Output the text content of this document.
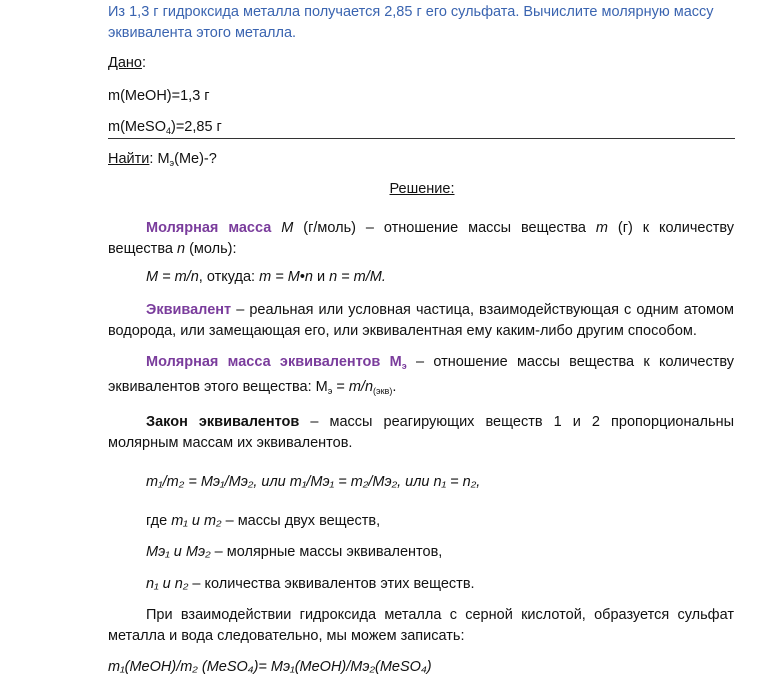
Из 1,3 г гидроксида металла получается 2,85 г его сульфата. Вычислите молярную массу эквивалента этого металла.
Дано:
m(MeOH)=1,3 г
m(MeSO$_4$)=2,85 г
Найти: $M_э(Me)-$?
Решение:
Молярная масса M (г/моль) – отношение массы вещества m (г) к количеству вещества n (моль):
M = m/n, откуда: m = M•n и n = m/M.
Эквивалент – реальная или условная частица, взаимодействующая с одним атомом водорода, или замещающая его, или эквивалентная ему каким-либо другим способом.
Молярная масса эквивалентов $M_э$ – отношение массы вещества к количеству эквивалентов этого вещества: $M_э = m/n_{(экв)}$.
Закон эквивалентов – массы реагирующих веществ 1 и 2 пропорциональны молярным массам их эквивалентов.
m₁/m₂ = Mэ₁/Mэ₂, или m₁/Mэ₁ = m₂/Mэ₂, или n₁ = n₂,
где m₁ и m₂ – массы двух веществ,
Mэ₁ и Mэ₂ – молярные массы эквивалентов,
n₁ и n₂ – количества эквивалентов этих веществ.
При взаимодействии гидроксида металла с серной кислотой, образуется сульфат металла и вода следовательно, мы можем записать:
m₁(MeOH)/m₂ (MeSO₄)= Mэ₁(MeOH)/Mэ₂(MeSO₄)
